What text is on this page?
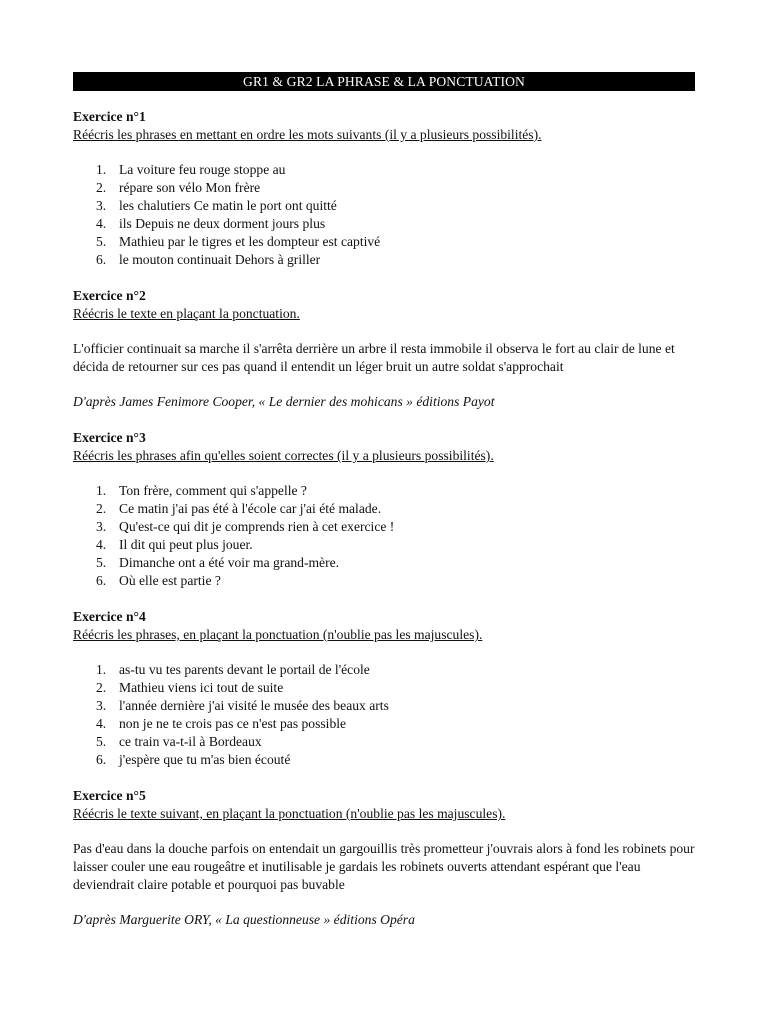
GR1 & GR2 LA PHRASE & LA PONCTUATION

Exercice n°1

Réécris les phrases en mettant en ordre les mots suivants (il y a plusieurs possibilités).

1. La voiture feu rouge stoppe au
2. répare son vélo Mon frère
3. les chalutiers Ce matin le port ont quitté
4. ils Depuis ne deux dorment jours plus
5. Mathieu par le tigres et les dompteur est captivé
6. le mouton continuait Dehors à griller

Exercice n°2

Réécris le texte en plaçant la ponctuation.

L'officier continuait sa marche il s'arrêta derrière un arbre il resta immobile il observa le fort au clair de lune et décida de retourner sur ces pas quand il entendit un léger bruit un autre soldat s'approchait

D'après James Fenimore Cooper, « Le dernier des mohicans » éditions Payot

Exercice n°3

Réécris les phrases afin qu'elles soient correctes (il y a plusieurs possibilités).

1. Ton frère, comment qui s'appelle ?
2. Ce matin j'ai pas été à l'école car j'ai été malade.
3. Qu'est-ce qui dit je comprends rien à cet exercice !
4. Il dit qui peut plus jouer.
5. Dimanche ont a été voir ma grand-mère.
6. Où elle est partie ?

Exercice n°4

Réécris les phrases, en plaçant la ponctuation (n'oublie pas les majuscules).

1. as-tu vu tes parents devant le portail de l'école
2. Mathieu viens ici tout de suite
3. l'année dernière j'ai visité le musée des beaux arts
4. non je ne te crois pas ce n'est pas possible
5. ce train va-t-il à Bordeaux
6. j'espère que tu m'as bien écouté

Exercice n°5

Réécris le texte suivant, en plaçant la ponctuation (n'oublie pas les majuscules).

Pas d'eau dans la douche parfois on entendait un gargouillis très prometteur j'ouvrais alors à fond les robinets pour laisser couler une eau rougeâtre et inutilisable je gardais les robinets ouverts attendant espérant que l'eau deviendrait claire potable et pourquoi pas buvable

D'après Marguerite ORY, « La questionneuse » éditions Opéra
